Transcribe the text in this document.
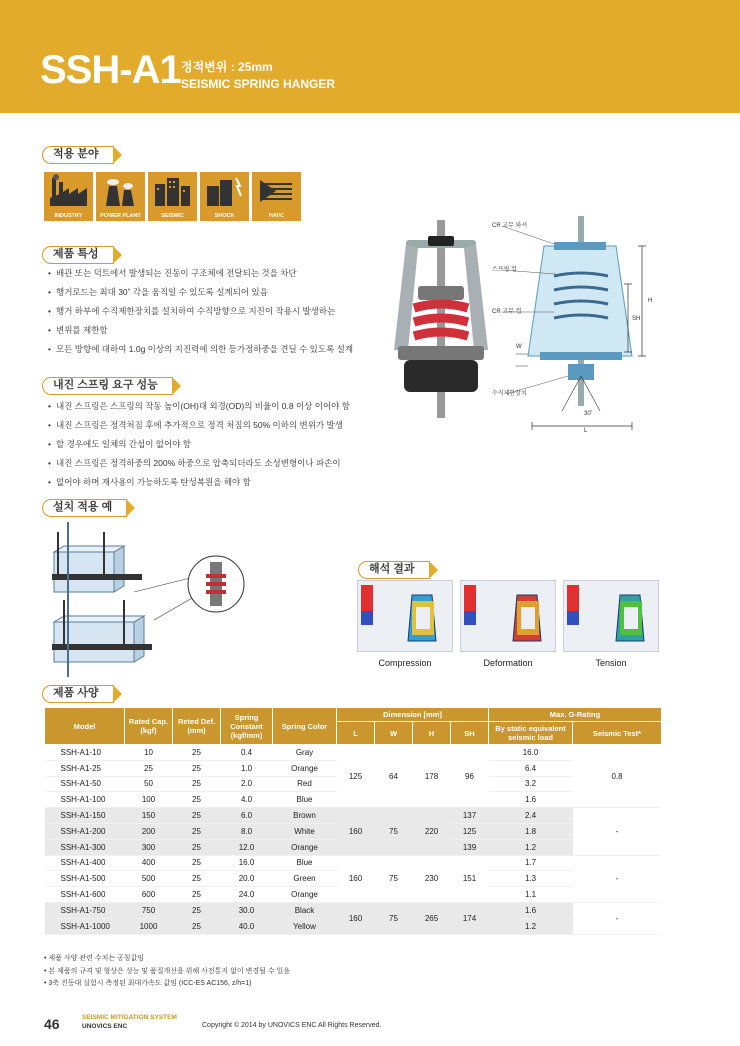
SSH-A1 정적변위 : 25mm
SEISMIC SPRING HANGER
적용 분야
INDUSTRY	POWER PLANT	SEISMIC	SHOCK	HAVC
제품 특성
• 배관 또는 덕트에서 발생되는 진동이 구조체에 전달되는 것을 차단
• 행거로드는 최대 30˚ 각을 움직일 수 있도록 설계되어 있음
• 행거 하부에 수직제한장치를 설치하여 수직방향으로 지진이 작용시 발생하는
• 변위를 제한함
• 모든 방향에 대하여 1.0g 이상의 지진력에 의한 등가정하중을 견딜 수 있도록 설계
내진 스프링 요구 성능
• 내진 스프링은 스프링의 작동 높이(OH)대 외경(OD)의 비율이 0.8 이상 이어야 함
• 내진 스프링은 정격처짐 후에 추가적으로 정격 처짐의 50% 이하의 변위가 발생
• 할 경우에도 일체의 간섭이 없어야 함
• 내진 스프링은 정격하중의 200% 하중으로 압축되더라도 소성변형이나 파손이
• 없어야 하며 재사용이 가능하도록 탄성복원을 해야 함
CR 고무 와셔
스프링 컵
CR 고무 컵
수직제한장치
H
SH
W
L
30˚
설치 적용 예
해석 결과
Compression	Deformation	Tension
제품 사양
Model	Rated Cap. (kgf)	Reted Def. (mm)	Spring Constant (kgf/mm)	Spring Color	Dimension [mm]				Max. G-Rating	
					L	W	H	SH	By static equivalent seismic load	Seismic Test*
SSH-A1-10	10	25	0.4	Gray	125	64	178	96	16.0	0.8
SSH-A1-25	25	25	1.0	Orange					6.4	
SSH-A1-50	50	25	2.0	Red					3.2	
SSH-A1-100	100	25	4.0	Blue					1.6	
SSH-A1-150	150	25	6.0	Brown	160	75	220	137	2.4	-
SSH-A1-200	200	25	8.0	White				125	1.8	
SSH-A1-300	300	25	12.0	Orange				139	1.2	
SSH-A1-400	400	25	16.0	Blue	160	75	230	151	1.7	-
SSH-A1-500	500	25	20.0	Green					1.3	
SSH-A1-600	600	25	24.0	Orange					1.1	
SSH-A1-750	750	25	30.0	Black	160	75	265	174	1.6	-
SSH-A1-1000	1000	25	40.0	Yellow					1.2	
• 제품 사양 관련 수치는 공칭값임
• 본 제품의 규격 및 형상은 성능 및 품질개선을 위해 사전통지 없이 변경될 수 있음
• 3축 진동대 실험시 측정된 최대가속도 값임 (ICC-ES AC156, z/h=1)
46	SEISMIC MITIGATION SYSTEM
UNOVICS ENC	Copyright © 2014 by UNOVICS ENC All Rights Reserved.
